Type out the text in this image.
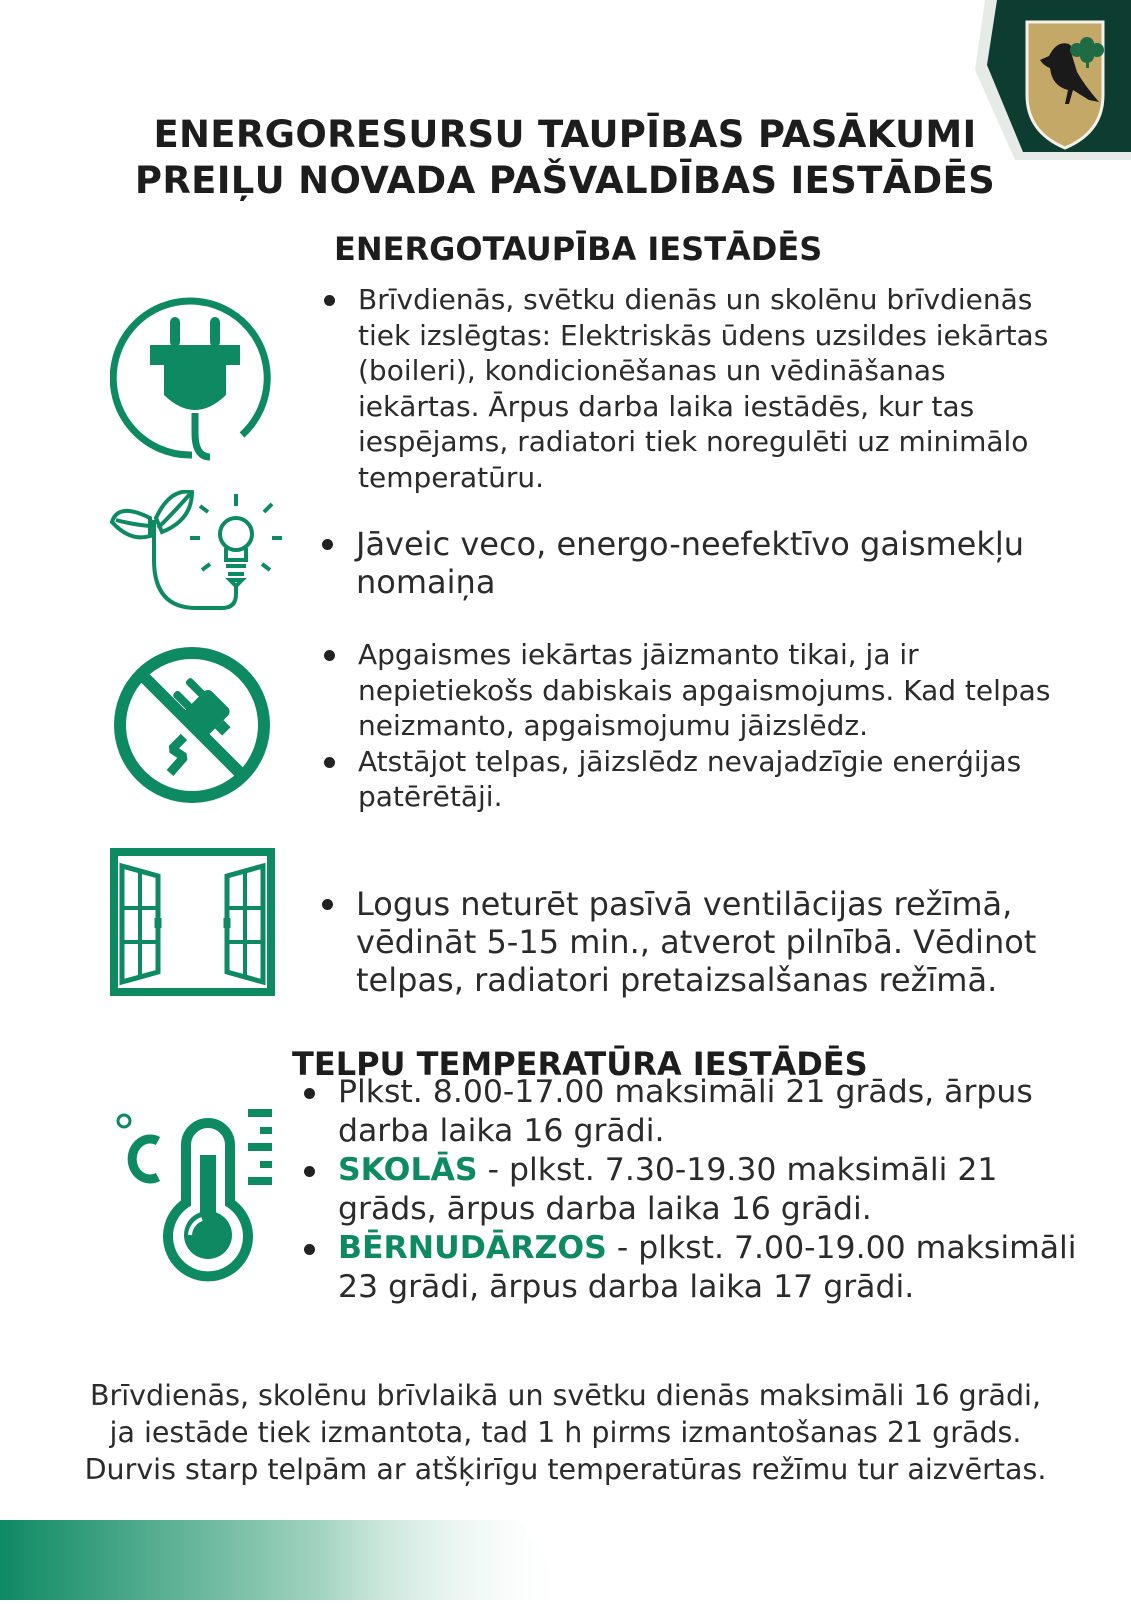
ENERGORESURSU TAUPĪBAS PASĀKUMI
PREIĻU NOVADA PAŠVALDĪBAS IESTĀDĒS
ENERGOTAUPĪBA IESTĀDĒS
Brīvdienās, svētku dienās un skolēnu brīvdienās tiek izslēgtas: Elektriskās ūdens uzsildes iekārtas (boileri), kondicionēšanas un vēdināšanas iekārtas. Ārpus darba laika iestādēs, kur tas iespējams, radiatori tiek noregulēti uz minimālo temperatūru.
Jāveic veco, energo-neefektīvo gaismekļu nomaiņa
Apgaismes iekārtas jāizmanto tikai, ja ir nepietiekošs dabiskais apgaismojums. Kad telpas neizmanto, apgaismojumu jāizslēdz.
Atstājot telpas, jāizslēdz nevajadzīgie enerģijas patērētāji.
Logus neturēt pasīvā ventilācijas režīmā, vēdināt 5-15 min., atverot pilnībā. Vēdinot telpas, radiatori pretaizsalšanas režīmā.
TELPU TEMPERATŪRA IESTĀDĒS
Plkst. 8.00-17.00 maksimāli 21 grāds, ārpus darba laika 16 grādi.
SKOLĀS - plkst. 7.30-19.30 maksimāli 21 grāds, ārpus darba laika 16 grādi.
BĒRNUDĀRZOS - plkst. 7.00-19.00 maksimāli 23 grādi, ārpus darba laika 17 grādi.
Brīvdienās, skolēnu brīvlaikā un svētku dienās maksimāli 16 grādi,
ja iestāde tiek izmantota, tad 1 h pirms izmantošanas 21 grāds.
Durvis starp telpām ar atšķirīgu temperatūras režīmu tur aizvērtas.
